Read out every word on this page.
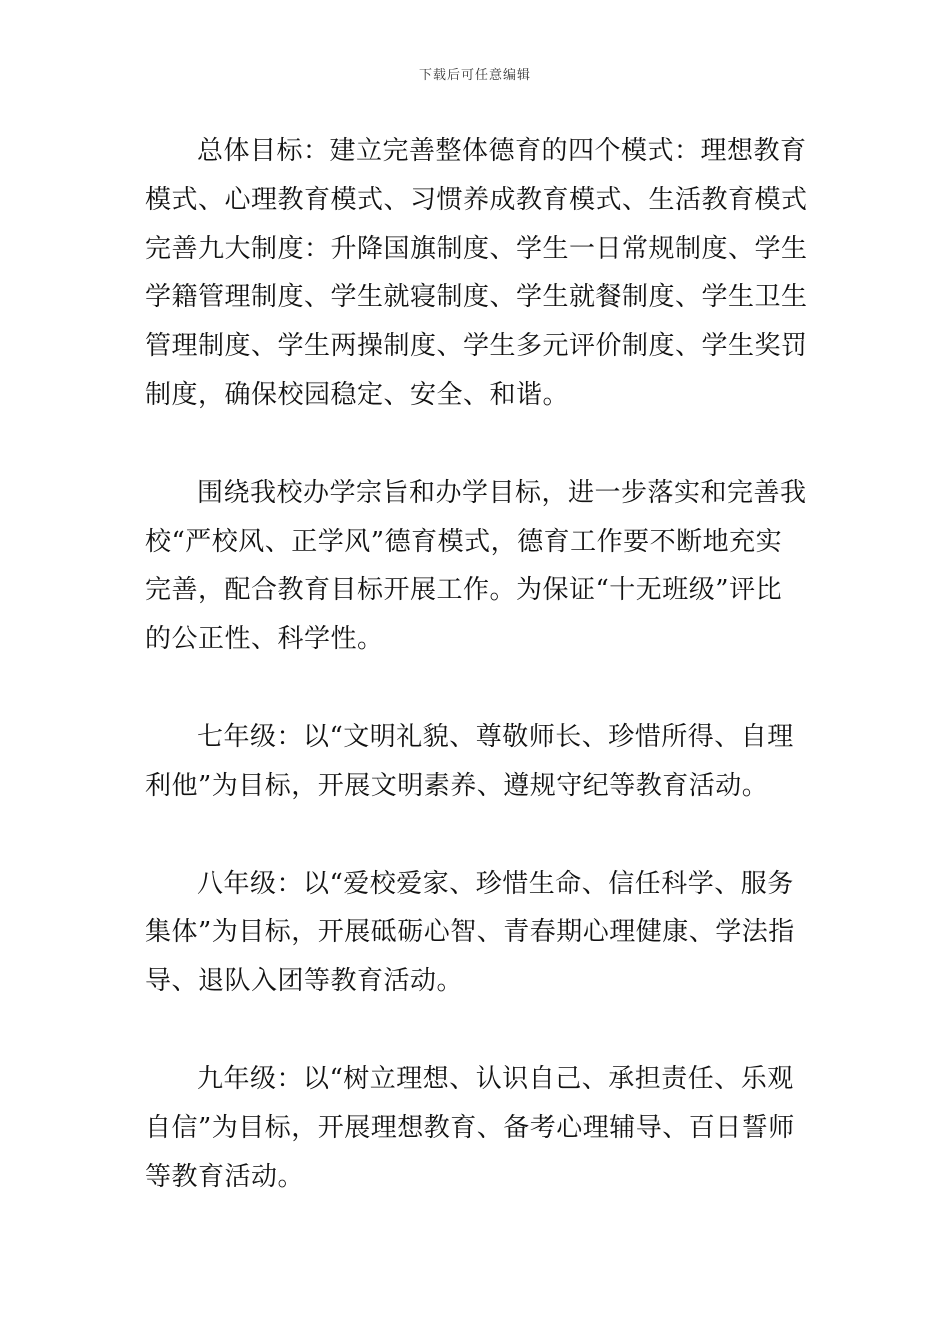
下载后可任意编辑

总体目标：建立完善整体德育的四个模式：理想教育
模式、心理教育模式、习惯养成教育模式、生活教育模式
完善九大制度：升降国旗制度、学生一日常规制度、学生
学籍管理制度、学生就寝制度、学生就餐制度、学生卫生
管理制度、学生两操制度、学生多元评价制度、学生奖罚
制度，确保校园稳定、安全、和谐。

围绕我校办学宗旨和办学目标，进一步落实和完善我
校“严校风、正学风”德育模式，德育工作要不断地充实
完善，配合教育目标开展工作。为保证“十无班级”评比
的公正性、科学性。

七年级：以“文明礼貌、尊敬师长、珍惜所得、自理
利他”为目标，开展文明素养、遵规守纪等教育活动。

八年级：以“爱校爱家、珍惜生命、信任科学、服务
集体”为目标，开展砥砺心智、青春期心理健康、学法指
导、退队入团等教育活动。

九年级：以“树立理想、认识自己、承担责任、乐观
自信”为目标，开展理想教育、备考心理辅导、百日誓师
等教育活动。
